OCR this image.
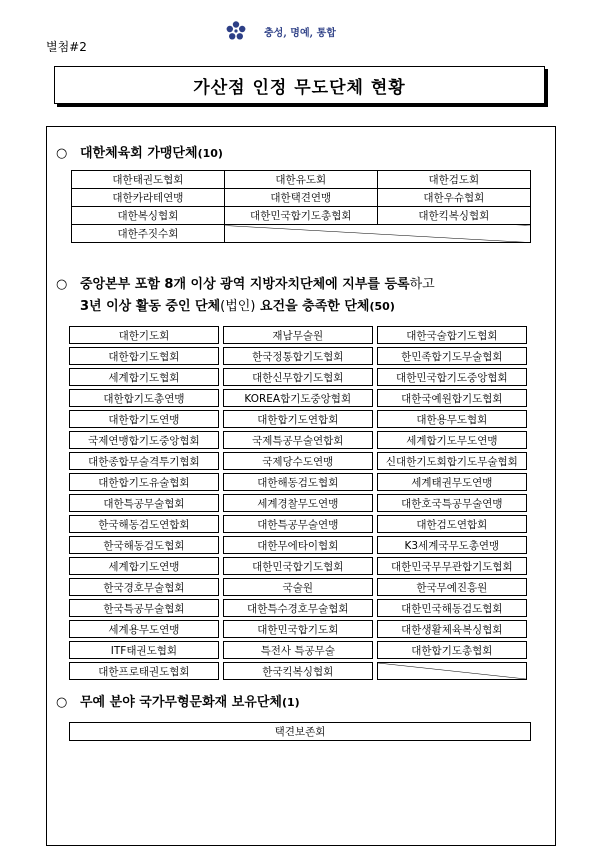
별첨#2
충성, 명예, 통합
가산점 인정 무도단체 현황
○ 대한체육회 가맹단체(10)
대한태권도협회	대한유도회	대한검도회
대한카라테연맹	대한택견연맹	대한우슈협회
대한복싱협회	대한민국합기도총협회	대한킥복싱협회
대한주짓수회		
○ 중앙본부 포함 8개 이상 광역 지방자치단체에 지부를 등록하고
3년 이상 활동 중인 단체(법인) 요건을 충족한 단체(50)
대한기도회	재남무술원	대한국술합기도협회
대한합기도협회	한국정통합기도협회	한민족합기도무술협회
세계합기도협회	대한신무합기도협회	대한민국합기도중앙협회
대한합기도총연맹	KOREA합기도중앙협회	대한국예원합기도협회
대한합기도연맹	대한합기도연합회	대한용무도협회
국제연맹합기도중앙협회	국제특공무술연합회	세계합기도무도연맹
대한종합무술격투기협회	국제당수도연맹	신대한기도회합기도무술협회
대한합기도유술협회	대한해동검도협회	세계태권무도연맹
대한특공무술협회	세계경찰무도연맹	대한호국특공무술연맹
한국해동검도연합회	대한특공무술연맹	대한검도연합회
한국해동검도협회	대한무에타이협회	K3세계국무도총연맹
세계합기도연맹	대한민국합기도협회	대한민국무무관합기도협회
한국경호무술협회	국술원	한국무예진흥원
한국특공무술협회	대한특수경호무술협회	대한민국해동검도협회
세계용무도연맹	대한민국합기도회	대한생활체육복싱협회
ITF태권도협회	특전사 특공무술	대한합기도총협회
대한프로태권도협회	한국킥복싱협회	
○ 무예 분야 국가무형문화재 보유단체(1)
택견보존회
